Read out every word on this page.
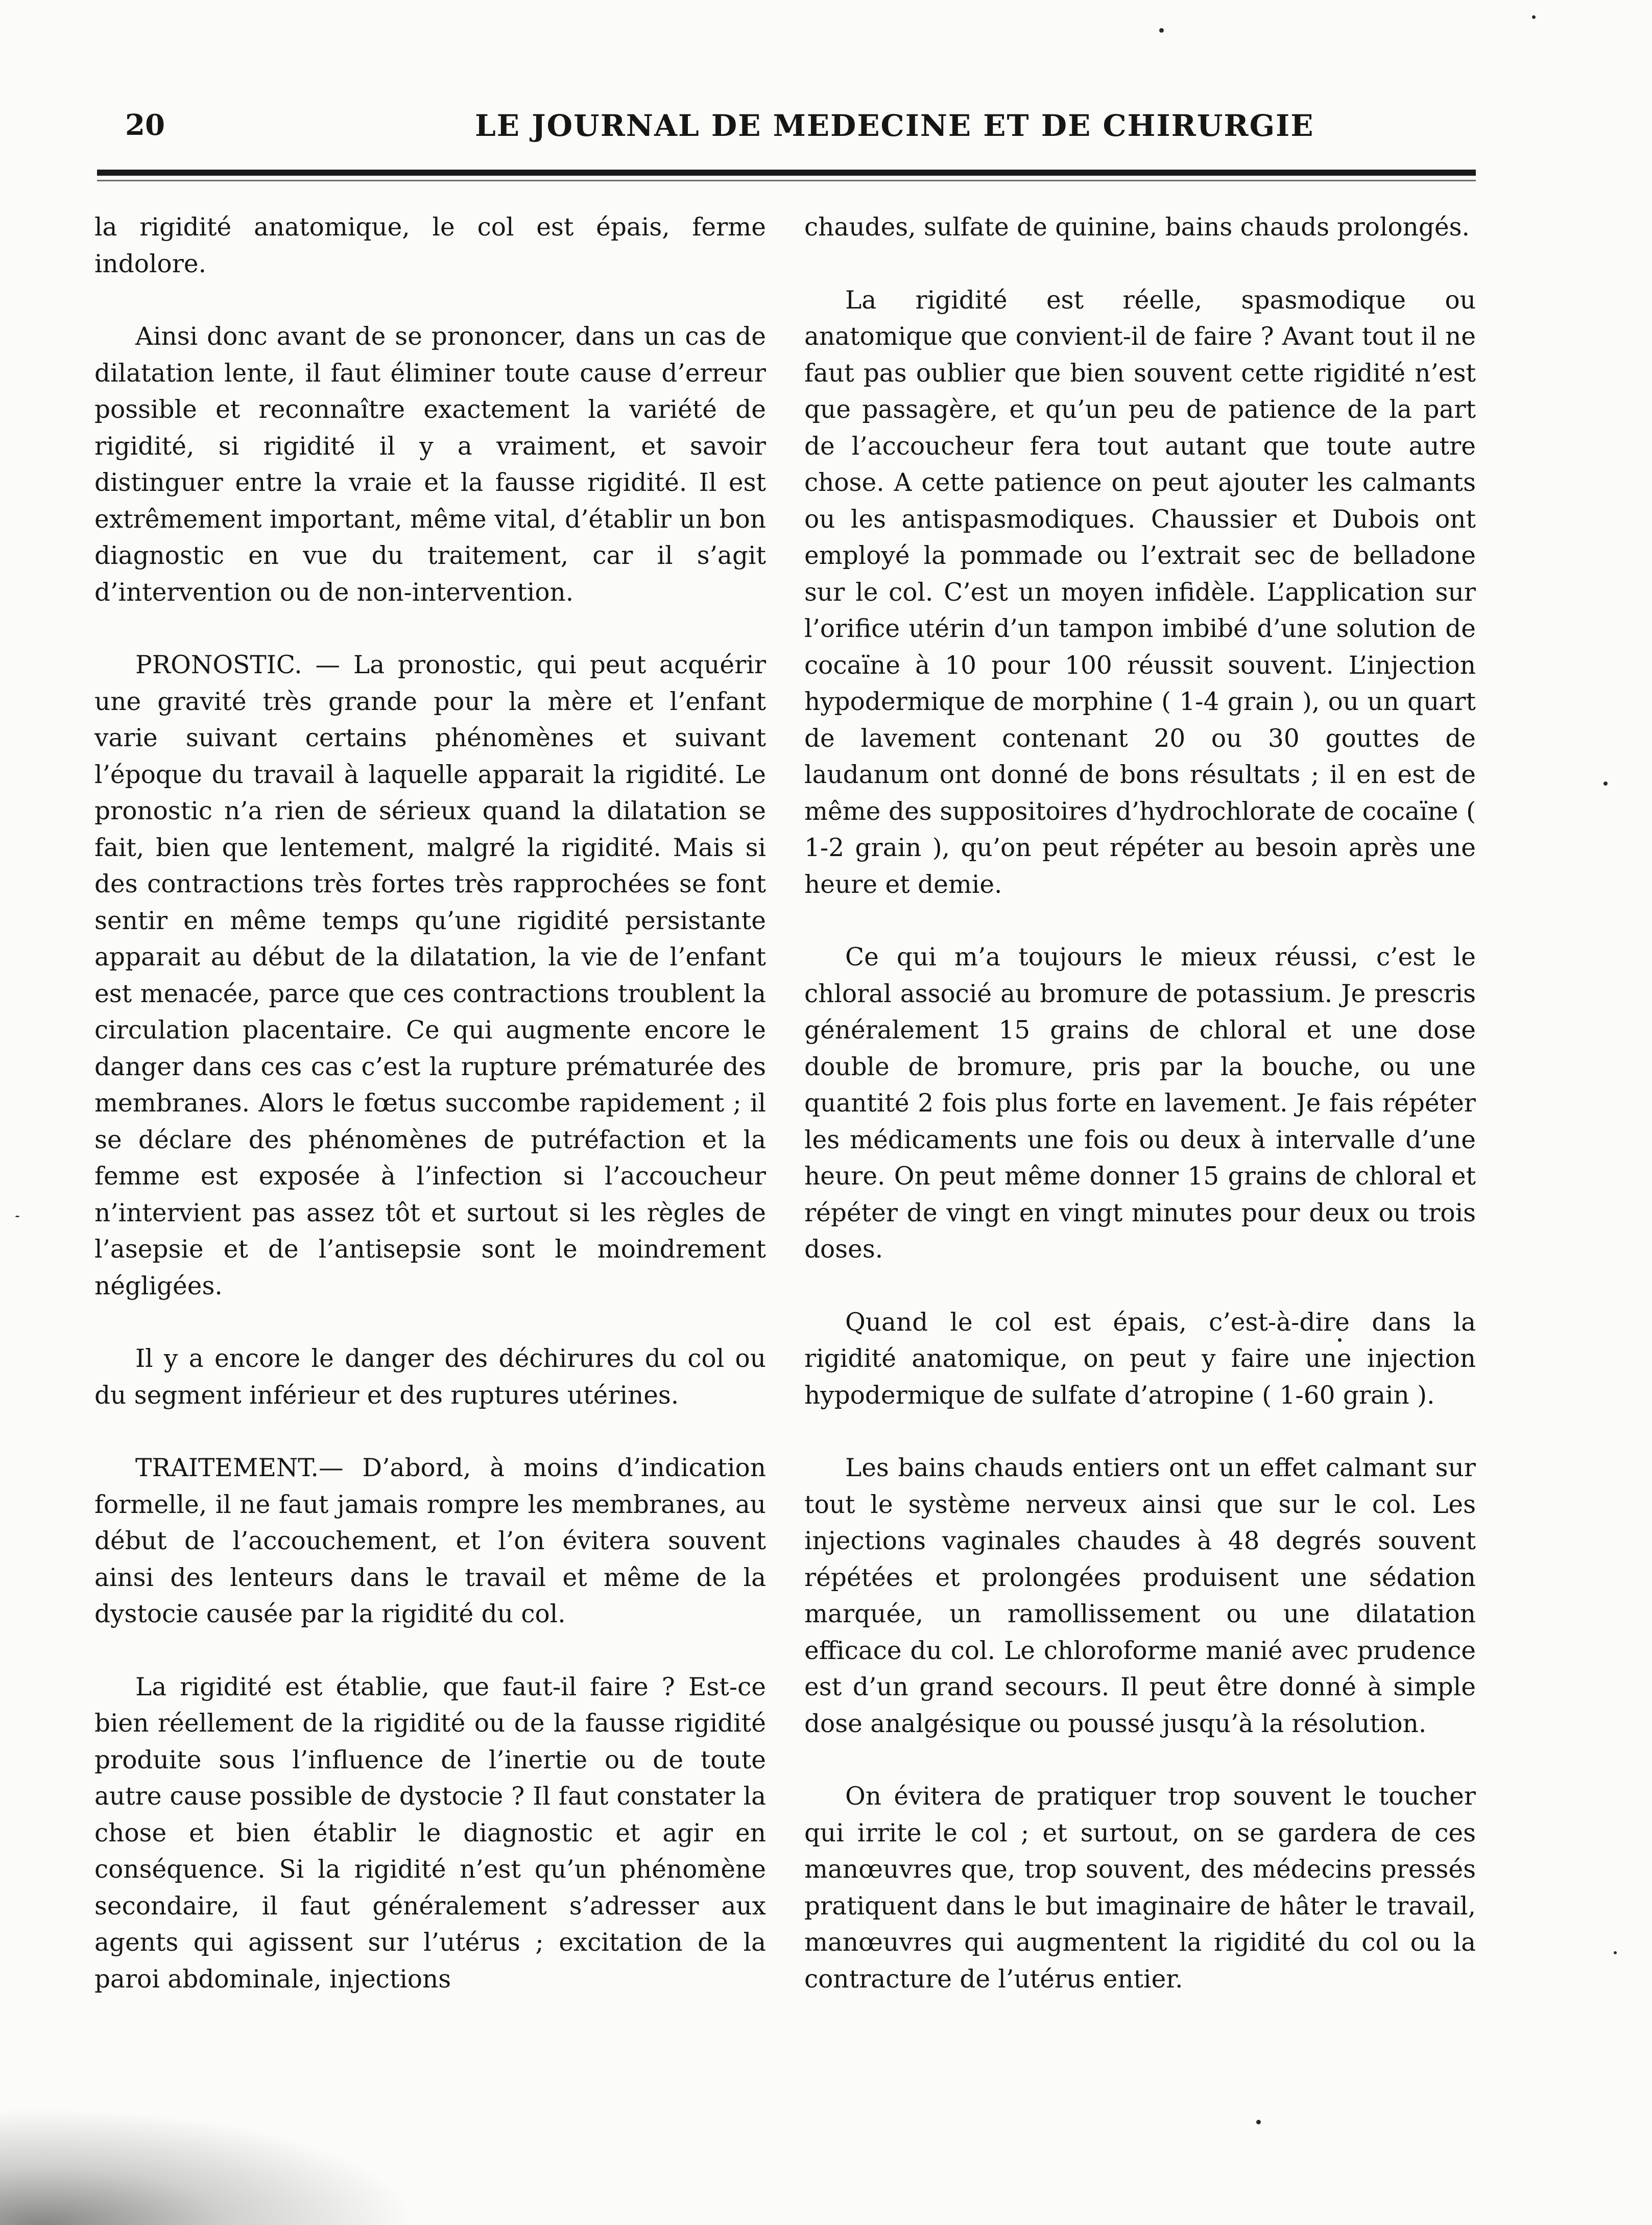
20	LE JOURNAL DE MEDECINE ET DE CHIRURGIE

la rigidité anatomique, le col est épais, ferme indolore.

Ainsi donc avant de se prononcer, dans un cas de dilatation lente, il faut éliminer toute cause d’erreur possible et reconnaître exactement la variété de rigidité, si rigidité il y a vraiment, et savoir distinguer entre la vraie et la fausse rigidité. Il est extrêmement important, même vital, d’établir un bon diagnostic en vue du traitement, car il s’agit d’intervention ou de non-intervention.

PRONOSTIC. — La pronostic, qui peut acquérir une gravité très grande pour la mère et l’enfant varie suivant certains phénomènes et suivant l’époque du travail à laquelle apparait la rigidité. Le pronostic n’a rien de sérieux quand la dilatation se fait, bien que lentement, malgré la rigidité. Mais si des contractions très fortes très rapprochées se font sentir en même temps qu’une rigidité persistante apparait au début de la dilatation, la vie de l’enfant est menacée, parce que ces contractions troublent la circulation placentaire. Ce qui augmente encore le danger dans ces cas c’est la rupture prématurée des membranes. Alors le fœtus succombe rapidement ; il se déclare des phénomènes de putréfaction et la femme est exposée à l’infection si l’accoucheur n’intervient pas assez tôt et surtout si les règles de l’asepsie et de l’antisepsie sont le moindrement négligées.

Il y a encore le danger des déchirures du col ou du segment inférieur et des ruptures utérines.

TRAITEMENT.— D’abord, à moins d’indication formelle, il ne faut jamais rompre les membranes, au début de l’accouchement, et l’on évitera souvent ainsi des lenteurs dans le travail et même de la dystocie causée par la rigidité du col.

La rigidité est établie, que faut-il faire ? Est-ce bien réellement de la rigidité ou de la fausse rigidité produite sous l’influence de l’inertie ou de toute autre cause possible de dystocie ? Il faut constater la chose et bien établir le diagnostic et agir en conséquence. Si la rigidité n’est qu’un phénomène secondaire, il faut généralement s’adresser aux agents qui agissent sur l’utérus ; excitation de la paroi abdominale, injections

chaudes, sulfate de quinine, bains chauds prolongés.

La rigidité est réelle, spasmodique ou anatomique que convient-il de faire ? Avant tout il ne faut pas oublier que bien souvent cette rigidité n’est que passagère, et qu’un peu de patience de la part de l’accoucheur fera tout autant que toute autre chose. A cette patience on peut ajouter les calmants ou les antispasmodiques. Chaussier et Dubois ont employé la pommade ou l’extrait sec de belladone sur le col. C’est un moyen infidèle. L’application sur l’orifice utérin d’un tampon imbibé d’une solution de cocaïne à 10 pour 100 réussit souvent. L’injection hypodermique de morphine ( 1-4 grain ), ou un quart de lavement contenant 20 ou 30 gouttes de laudanum ont donné de bons résultats ; il en est de même des suppositoires d’hydrochlorate de cocaïne ( 1-2 grain ), qu’on peut répéter au besoin après une heure et demie.

Ce qui m’a toujours le mieux réussi, c’est le chloral associé au bromure de potassium. Je prescris généralement 15 grains de chloral et une dose double de bromure, pris par la bouche, ou une quantité 2 fois plus forte en lavement. Je fais répéter les médicaments une fois ou deux à intervalle d’une heure. On peut même donner 15 grains de chloral et répéter de vingt en vingt minutes pour deux ou trois doses.

Quand le col est épais, c’est-à-dire dans la rigidité anatomique, on peut y faire une injection hypodermique de sulfate d’atropine ( 1-60 grain ).

Les bains chauds entiers ont un effet calmant sur tout le système nerveux ainsi que sur le col. Les injections vaginales chaudes à 48 degrés souvent répétées et prolongées produisent une sédation marquée, un ramollissement ou une dilatation efficace du col. Le chloroforme manié avec prudence est d’un grand secours. Il peut être donné à simple dose analgésique ou poussé jusqu’à la résolution.

On évitera de pratiquer trop souvent le toucher qui irrite le col ; et surtout, on se gardera de ces manœuvres que, trop souvent, des médecins pressés pratiquent dans le but imaginaire de hâter le travail, manœuvres qui augmentent la rigidité du col ou la contracture de l’utérus entier.
